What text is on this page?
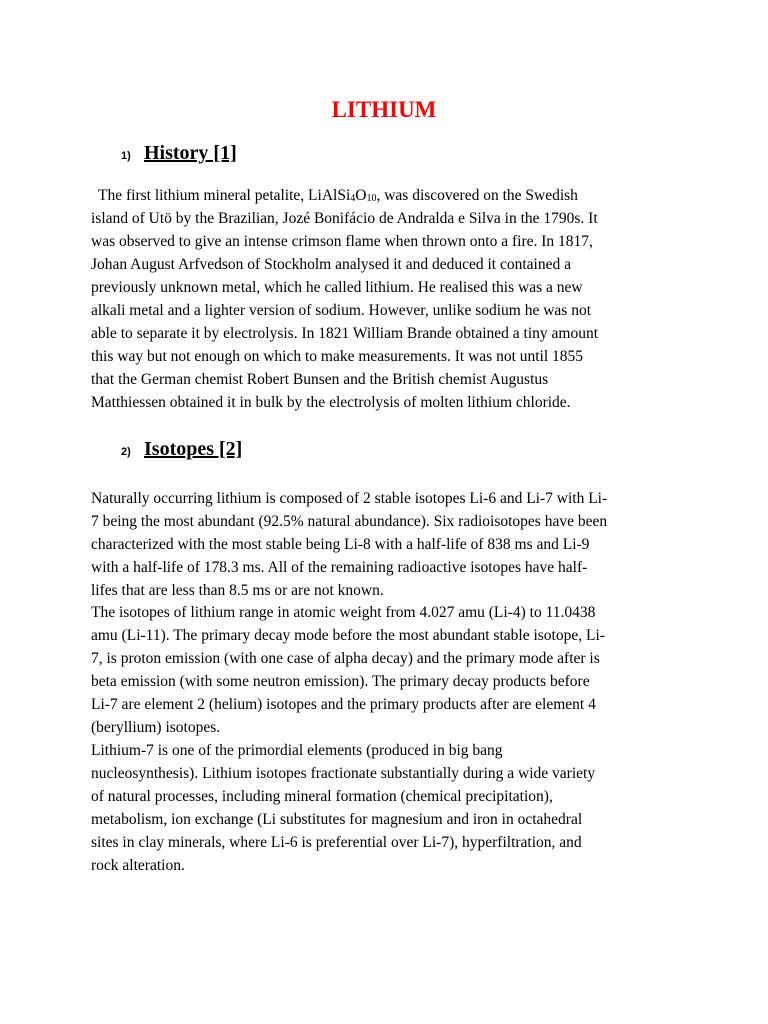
LITHIUM
1) History [1]

The first lithium mineral petalite, $LiAlSi_4O_{10}$, was discovered on the Swedish
island of Utö by the Brazilian, Jozé Bonifácio de Andralda e Silva in the 1790s. It
was observed to give an intense crimson flame when thrown onto a fire. In 1817,
Johan August Arfvedson of Stockholm analysed it and deduced it contained a
previously unknown metal, which he called lithium. He realised this was a new
alkali metal and a lighter version of sodium. However, unlike sodium he was not
able to separate it by electrolysis. In 1821 William Brande obtained a tiny amount
this way but not enough on which to make measurements. It was not until 1855
that the German chemist Robert Bunsen and the British chemist Augustus
Matthiessen obtained it in bulk by the electrolysis of molten lithium chloride.

2) Isotopes [2]

Naturally occurring lithium is composed of 2 stable isotopes Li-6 and Li-7 with Li-
7 being the most abundant (92.5% natural abundance). Six radioisotopes have been
characterized with the most stable being Li-8 with a half-life of 838 ms and Li-9
with a half-life of 178.3 ms. All of the remaining radioactive isotopes have half-
lifes that are less than 8.5 ms or are not known.

The isotopes of lithium range in atomic weight from 4.027 amu (Li-4) to 11.0438
amu (Li-11). The primary decay mode before the most abundant stable isotope, Li-
7, is proton emission (with one case of alpha decay) and the primary mode after is
beta emission (with some neutron emission). The primary decay products before
Li-7 are element 2 (helium) isotopes and the primary products after are element 4
(beryllium) isotopes.

Lithium-7 is one of the primordial elements (produced in big bang
nucleosynthesis). Lithium isotopes fractionate substantially during a wide variety
of natural processes, including mineral formation (chemical precipitation),
metabolism, ion exchange (Li substitutes for magnesium and iron in octahedral
sites in clay minerals, where Li-6 is preferential over Li-7), hyperfiltration, and
rock alteration.
